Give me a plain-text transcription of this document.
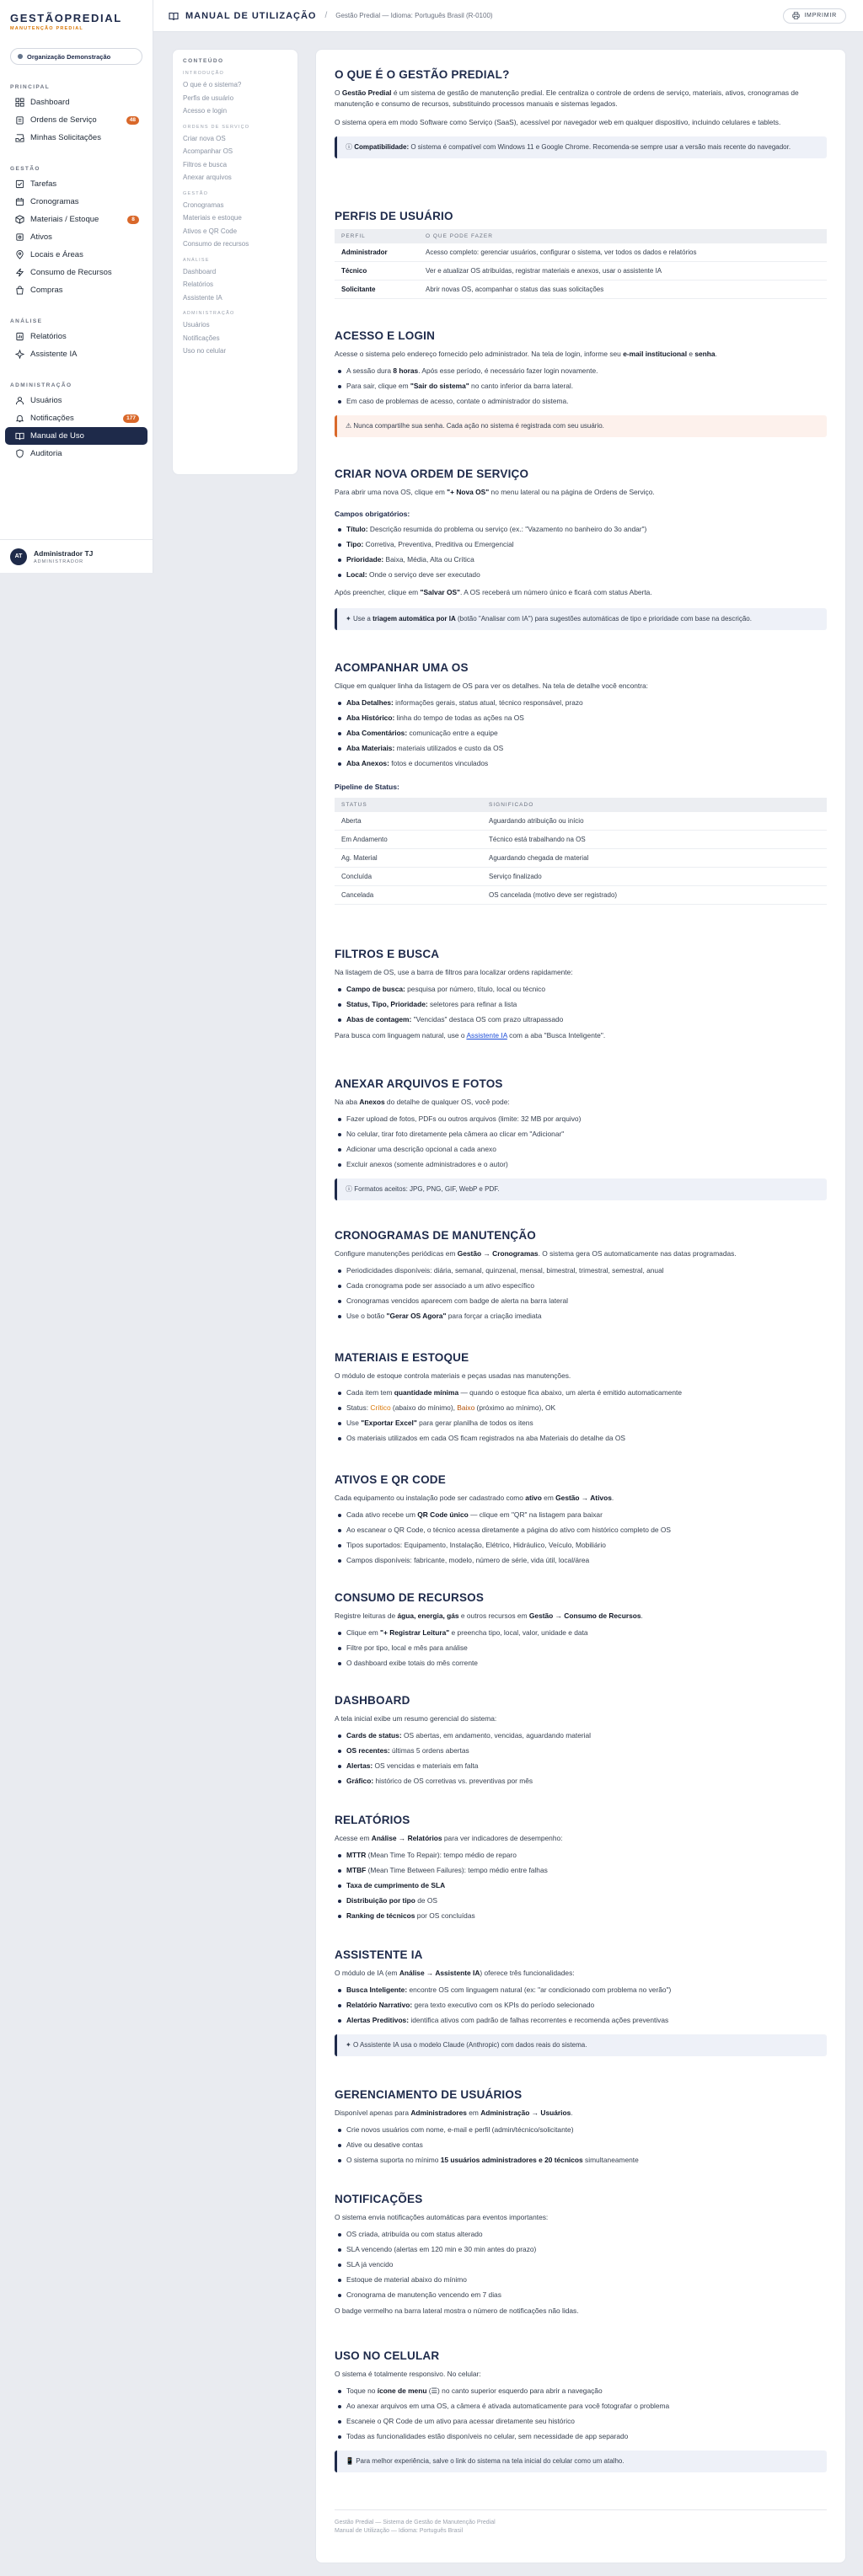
GESTÃOPREDIAL
MANUTENÇÃO PREDIAL
Organização Demonstração
PRINCIPAL
Dashboard
Ordens de Serviço	48
Minhas Solicitações
GESTÃO
Tarefas
Cronogramas
Materiais / Estoque	8
Ativos
Locais e Áreas
Consumo de Recursos
Compras
ANÁLISE
Relatórios
Assistente IA
ADMINISTRAÇÃO
Usuários
Notificações	177
Manual de Uso
Auditoria
AT	Administrador TJ
ADMINISTRADOR
MANUAL DE UTILIZAÇÃO / Gestão Predial — Idioma: Português Brasil (R-0100)	IMPRIMIR
CONTEÚDO
INTRODUÇÃO
O que é o sistema?
Perfis de usuário
Acesso e login
ORDENS DE SERVIÇO
Criar nova OS
Acompanhar OS
Filtros e busca
Anexar arquivos
GESTÃO
Cronogramas
Materiais e estoque
Ativos e QR Code
Consumo de recursos
ANÁLISE
Dashboard
Relatórios
Assistente IA
ADMINISTRAÇÃO
Usuários
Notificações
Uso no celular
O QUE É O GESTÃO PREDIAL?

O Gestão Predial é um sistema de gestão de manutenção predial. Ele centraliza o controle de ordens de serviço, materiais, ativos, cronogramas de manutenção e consumo de recursos, substituindo processos manuais e sistemas legados.

O sistema opera em modo Software como Serviço (SaaS), acessível por navegador web em qualquer dispositivo, incluindo celulares e tablets.

ⓘ Compatibilidade: O sistema é compatível com Windows 11 e Google Chrome. Recomenda-se sempre usar a versão mais recente do navegador.
PERFIS DE USUÁRIO
PERFIL	O QUE PODE FAZER
Administrador	Acesso completo: gerenciar usuários, configurar o sistema, ver todos os dados e relatórios
Técnico	Ver e atualizar OS atribuídas, registrar materiais e anexos, usar o assistente IA
Solicitante	Abrir novas OS, acompanhar o status das suas solicitações
ACESSO E LOGIN

Acesse o sistema pelo endereço fornecido pelo administrador. Na tela de login, informe seu e-mail institucional e senha.

A sessão dura 8 horas. Após esse período, é necessário fazer login novamente.
Para sair, clique em "Sair do sistema" no canto inferior da barra lateral.
Em caso de problemas de acesso, contate o administrador do sistema.
⚠ Nunca compartilhe sua senha. Cada ação no sistema é registrada com seu usuário.
CRIAR NOVA ORDEM DE SERVIÇO

Para abrir uma nova OS, clique em "+ Nova OS" no menu lateral ou na página de Ordens de Serviço.

Campos obrigatórios:
Título: Descrição resumida do problema ou serviço (ex.: "Vazamento no banheiro do 3o andar")
Tipo: Corretiva, Preventiva, Preditiva ou Emergencial
Prioridade: Baixa, Média, Alta ou Crítica
Local: Onde o serviço deve ser executado

Após preencher, clique em "Salvar OS". A OS receberá um número único e ficará com status Aberta.

✦ Use a triagem automática por IA (botão "Analisar com IA") para sugestões automáticas de tipo e prioridade com base na descrição.
ACOMPANHAR UMA OS

Clique em qualquer linha da listagem de OS para ver os detalhes. Na tela de detalhe você encontra:

Aba Detalhes: informações gerais, status atual, técnico responsável, prazo
Aba Histórico: linha do tempo de todas as ações na OS
Aba Comentários: comunicação entre a equipe
Aba Materiais: materiais utilizados e custo da OS
Aba Anexos: fotos e documentos vinculados
Pipeline de Status:
STATUS	SIGNIFICADO
Aberta	Aguardando atribuição ou início
Em Andamento	Técnico está trabalhando na OS
Ag. Material	Aguardando chegada de material
Concluída	Serviço finalizado
Cancelada	OS cancelada (motivo deve ser registrado)
FILTROS E BUSCA

Na listagem de OS, use a barra de filtros para localizar ordens rapidamente:

Campo de busca: pesquisa por número, título, local ou técnico
Status, Tipo, Prioridade: seletores para refinar a lista
Abas de contagem: "Vencidas" destaca OS com prazo ultrapassado

Para busca com linguagem natural, use o Assistente IA com a aba "Busca Inteligente".

ANEXAR ARQUIVOS E FOTOS

Na aba Anexos do detalhe de qualquer OS, você pode:

Fazer upload de fotos, PDFs ou outros arquivos (limite: 32 MB por arquivo)
No celular, tirar foto diretamente pela câmera ao clicar em "Adicionar"
Adicionar uma descrição opcional a cada anexo
Excluir anexos (somente administradores e o autor)
ⓘ Formatos aceitos: JPG, PNG, GIF, WebP e PDF.
CRONOGRAMAS DE MANUTENÇÃO

Configure manutenções periódicas em Gestão → Cronogramas. O sistema gera OS automaticamente nas datas programadas.

Periodicidades disponíveis: diária, semanal, quinzenal, mensal, bimestral, trimestral, semestral, anual
Cada cronograma pode ser associado a um ativo específico
Cronogramas vencidos aparecem com badge de alerta na barra lateral
Use o botão "Gerar OS Agora" para forçar a criação imediata
MATERIAIS E ESTOQUE

O módulo de estoque controla materiais e peças usadas nas manutenções.

Cada item tem quantidade mínima — quando o estoque fica abaixo, um alerta é emitido automaticamente
Status: Crítico (abaixo do mínimo), Baixo (próximo ao mínimo), OK
Use "Exportar Excel" para gerar planilha de todos os itens
Os materiais utilizados em cada OS ficam registrados na aba Materiais do detalhe da OS
ATIVOS E QR CODE

Cada equipamento ou instalação pode ser cadastrado como ativo em Gestão → Ativos.

Cada ativo recebe um QR Code único — clique em "QR" na listagem para baixar
Ao escanear o QR Code, o técnico acessa diretamente a página do ativo com histórico completo de OS
Tipos suportados: Equipamento, Instalação, Elétrico, Hidráulico, Veículo, Mobiliário
Campos disponíveis: fabricante, modelo, número de série, vida útil, local/área
CONSUMO DE RECURSOS

Registre leituras de água, energia, gás e outros recursos em Gestão → Consumo de Recursos.

Clique em "+ Registrar Leitura" e preencha tipo, local, valor, unidade e data
Filtre por tipo, local e mês para análise
O dashboard exibe totais do mês corrente
DASHBOARD

A tela inicial exibe um resumo gerencial do sistema:

Cards de status: OS abertas, em andamento, vencidas, aguardando material
OS recentes: últimas 5 ordens abertas
Alertas: OS vencidas e materiais em falta
Gráfico: histórico de OS corretivas vs. preventivas por mês
RELATÓRIOS

Acesse em Análise → Relatórios para ver indicadores de desempenho:

MTTR (Mean Time To Repair): tempo médio de reparo
MTBF (Mean Time Between Failures): tempo médio entre falhas
Taxa de cumprimento de SLA
Distribuição por tipo de OS
Ranking de técnicos por OS concluídas
ASSISTENTE IA

O módulo de IA (em Análise → Assistente IA) oferece três funcionalidades:

Busca Inteligente: encontre OS com linguagem natural (ex: "ar condicionado com problema no verão")
Relatório Narrativo: gera texto executivo com os KPIs do período selecionado
Alertas Preditivos: identifica ativos com padrão de falhas recorrentes e recomenda ações preventivas
✦ O Assistente IA usa o modelo Claude (Anthropic) com dados reais do sistema.
GERENCIAMENTO DE USUÁRIOS

Disponível apenas para Administradores em Administração → Usuários.

Crie novos usuários com nome, e-mail e perfil (admin/técnico/solicitante)
Ative ou desative contas
O sistema suporta no mínimo 15 usuários administradores e 20 técnicos simultaneamente
NOTIFICAÇÕES

O sistema envia notificações automáticas para eventos importantes:

OS criada, atribuída ou com status alterado
SLA vencendo (alertas em 120 min e 30 min antes do prazo)
SLA já vencido
Estoque de material abaixo do mínimo
Cronograma de manutenção vencendo em 7 dias

O badge vermelho na barra lateral mostra o número de notificações não lidas.

USO NO CELULAR

O sistema é totalmente responsivo. No celular:

Toque no ícone de menu (☰) no canto superior esquerdo para abrir a navegação
Ao anexar arquivos em uma OS, a câmera é ativada automaticamente para você fotografar o problema
Escaneie o QR Code de um ativo para acessar diretamente seu histórico
Todas as funcionalidades estão disponíveis no celular, sem necessidade de app separado
📱 Para melhor experiência, salve o link do sistema na tela inicial do celular como um atalho.
Gestão Predial — Sistema de Gestão de Manutenção Predial
Manual de Utilização — Idioma: Português Brasil
